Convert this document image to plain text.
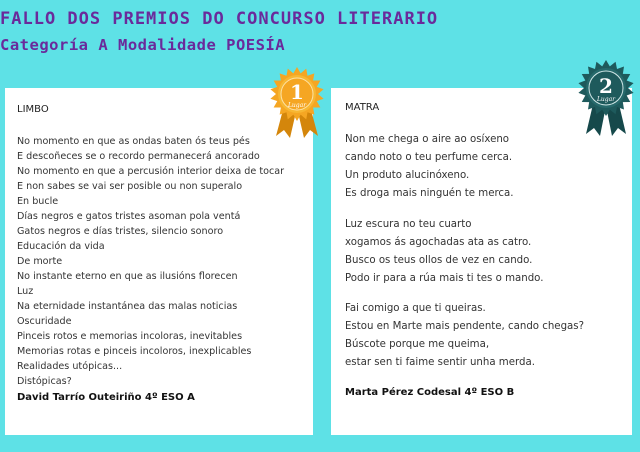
FALLO DOS PREMIOS DO CONCURSO LITERARIO
Categoría A Modalidade POESÍA
LIMBO
No momento en que as ondas baten ós teus pés
E descoñeces se o recordo permanecerá ancorado
No momento en que a percusión interior deixa de tocar
E non sabes se vai ser posible ou non superalo
En bucle
Días negros e gatos tristes asoman pola ventá
Gatos negros e días tristes, silencio sonoro
Educación da vida
De morte
No instante eterno en que as ilusións florecen
Luz
Na eternidade instantánea das malas noticias
Oscuridade
Pinceis rotos e memorias incoloras, inevitables
Memorias rotas e pinceis incoloros, inexplicables
Realidades utópicas...
Distópicas?
David Tarrío Outeiriño 4º ESO A
MATRA
Non me chega o aire ao osíxeno
cando noto o teu perfume cerca.
Un produto alucinóxeno.
Es droga mais ninguén te merca.
Luz escura no teu cuarto
xogamos ás agochadas ata as catro.
Busco os teus ollos de vez en cando.
Podo ir para a rúa mais ti tes o mando.
Fai comigo a que ti queiras.
Estou en Marte mais pendente, cando chegas?
Búscote porque me queima,
estar sen ti faime sentir unha merda.
Marta Pérez Codesal 4º ESO B
1
Lugar
2
Lugar
